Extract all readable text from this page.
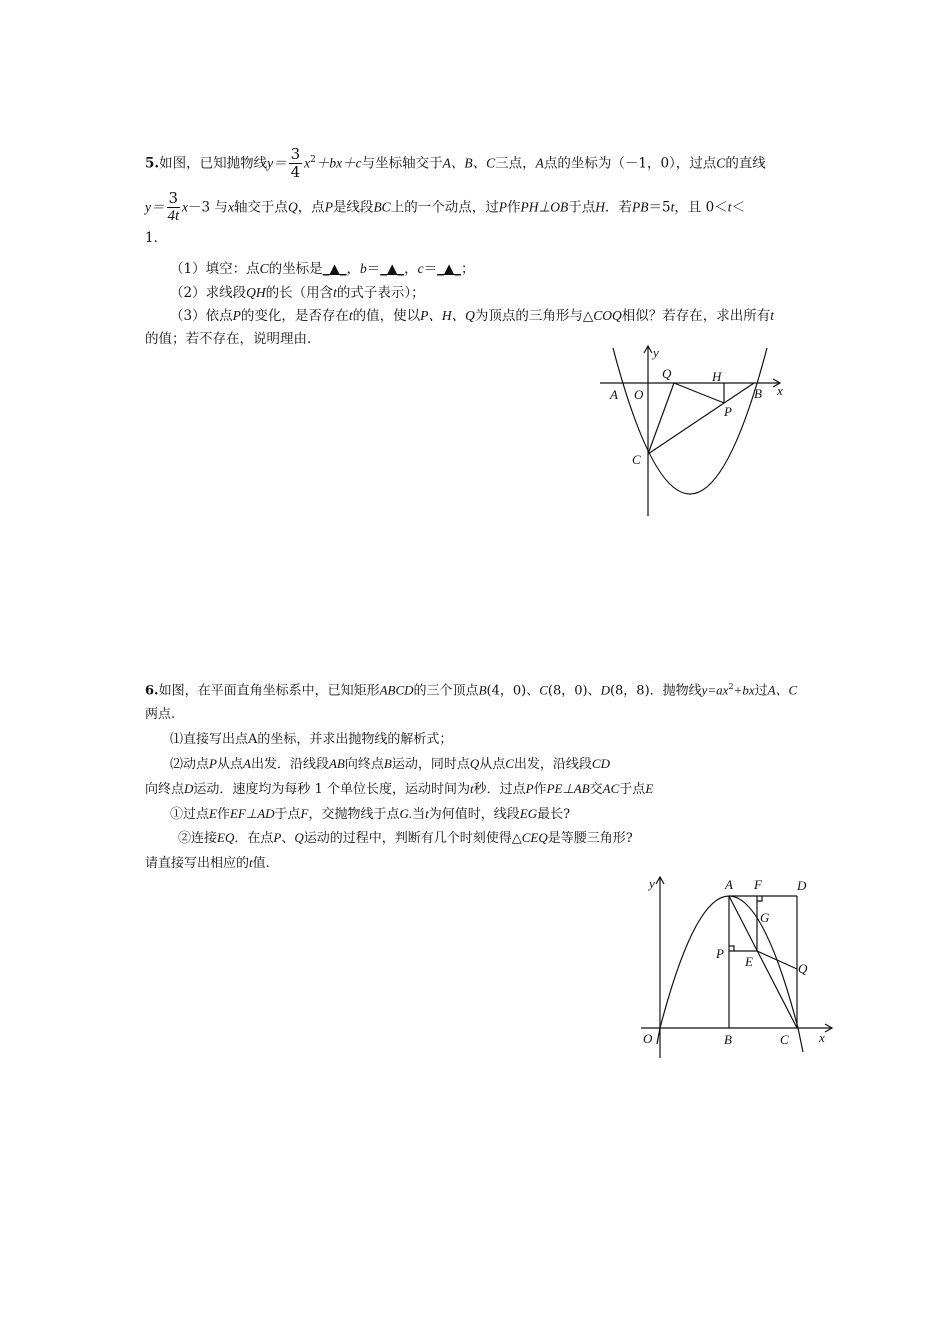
5.如图，已知抛物线$y= \frac{3}{4} x^2+bx+c$与坐标轴交于A、B、C三点，A点的坐标为（－1，0），过点C的直线
$y= \frac{3}{4t} x-3$ 与x轴交于点Q，点P是线段BC上的一个动点，过P作PH⊥OB于点H．若PB＝5t，且 0＜t＜
1．
（1）填空：点C的坐标是_▲_，b＝_▲_，c＝_▲_；
（2）求线段QH的长（用含t的式子表示）；
（3）依点P的变化，是否存在t的值，使以P、H、Q为顶点的三角形与△COQ相似？若存在，求出所有t
的值；若不存在，说明理由．
y
x
Q	H
A O	B
P
C
6.如图，在平面直角坐标系中，已知矩形ABCD的三个顶点B(4，0)、C(8，0)、D(8，8)．抛物线$y=ax^2+bx$过A、C
两点.
⑴直接写出点A的坐标，并求出抛物线的解析式；
⑵动点P从点A出发．沿线段AB向终点B运动，同时点Q从点C出发，沿线段CD
向终点D运动．速度均为每秒 1 个单位长度，运动时间为t秒．过点P作PE⊥AB交AC于点E
①过点E作EF⊥AD于点F，交抛物线于点G.当t为何值时，线段EG最长?
②连接EQ．在点P、Q运动的过程中，判断有几个时刻使得△CEQ是等腰三角形?
请直接写出相应的t值.
y	A F	D
G
P
E	Q
O	B	C x
